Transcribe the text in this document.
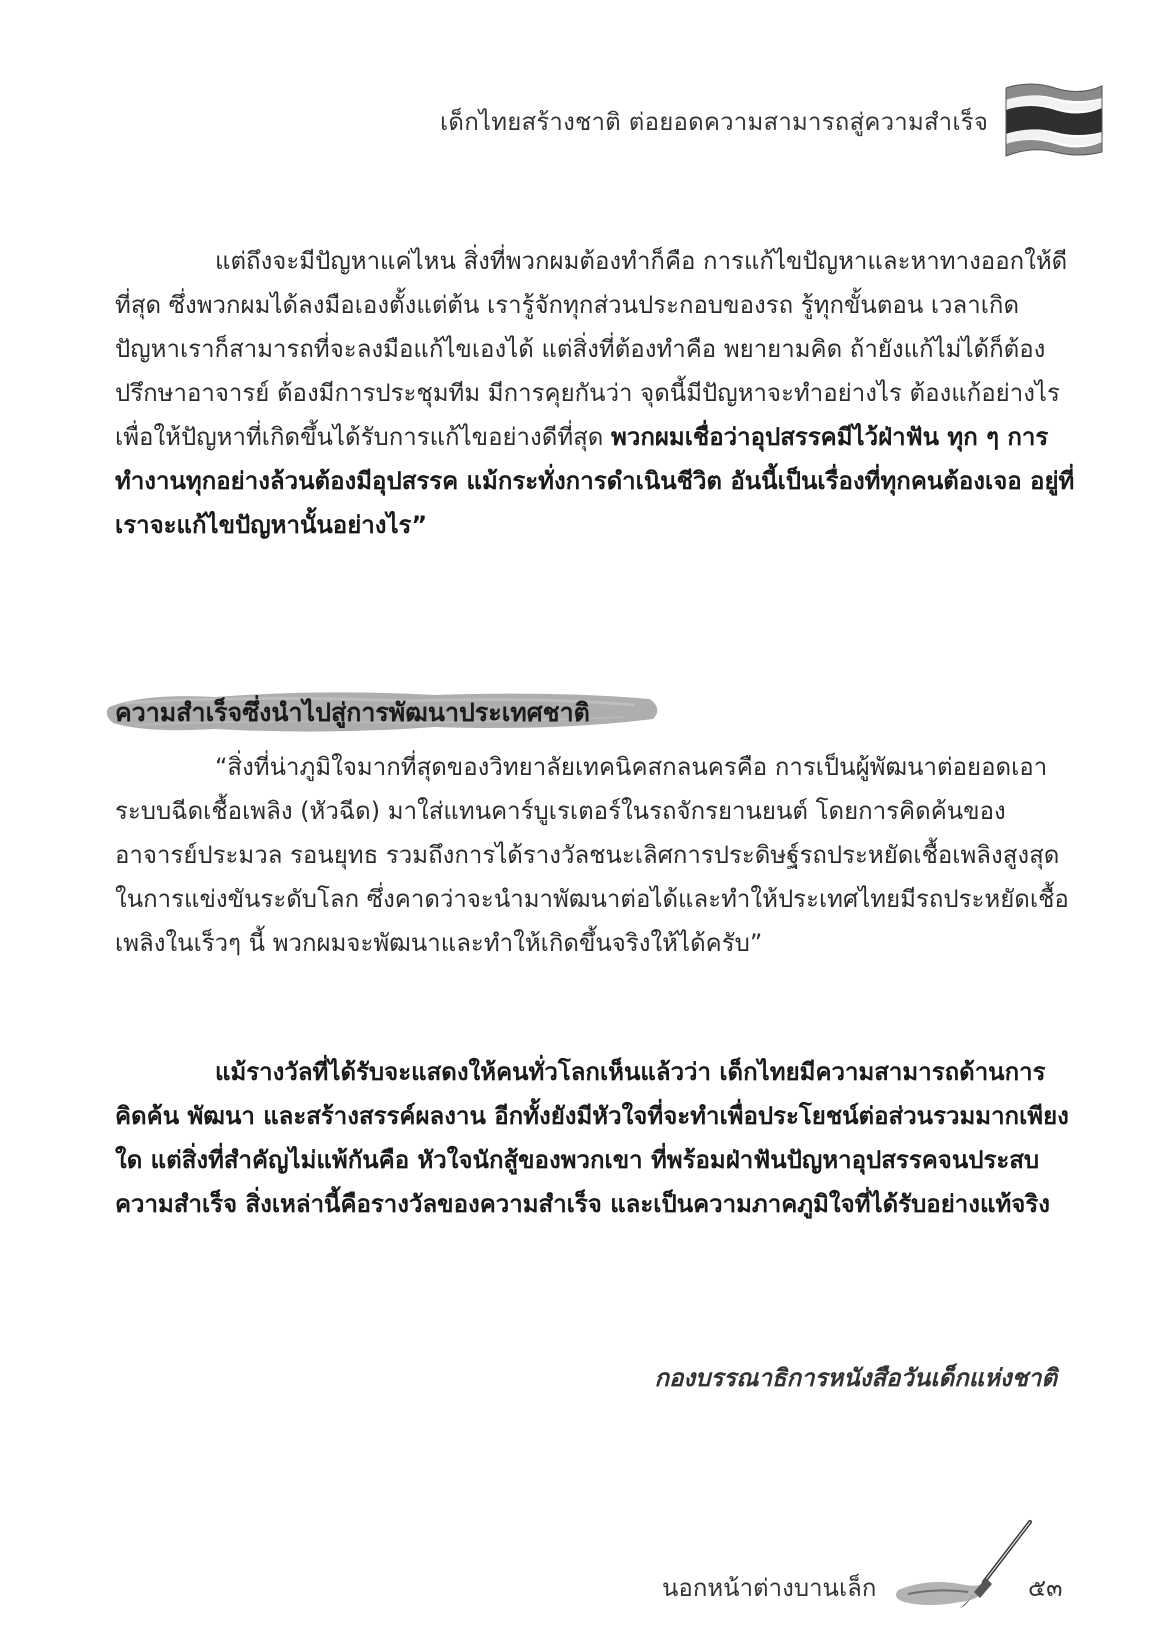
เด็กไทยสร้างชาติ ต่อยอดความสามารถสู่ความสำเร็จ

แต่ถึงจะมีปัญหาแค่ไหน สิ่งที่พวกผมต้องทำก็คือ การแก้ไขปัญหาและหาทางออกให้ดีที่สุด ซึ่งพวกผมได้ลงมือเองตั้งแต่ต้น เรารู้จักทุกส่วนประกอบของรถ รู้ทุกขั้นตอน เวลาเกิดปัญหาเราก็สามารถที่จะลงมือแก้ไขเองได้ แต่สิ่งที่ต้องทำคือ พยายามคิด ถ้ายังแก้ไม่ได้ก็ต้องปรึกษาอาจารย์ ต้องมีการประชุมทีม มีการคุยกันว่า จุดนี้มีปัญหาจะทำอย่างไร ต้องแก้อย่างไร เพื่อให้ปัญหาที่เกิดขึ้นได้รับการแก้ไขอย่างดีที่สุด พวกผมเชื่อว่าอุปสรรคมีไว้ฝ่าฟัน ทุก ๆ การทำงานทุกอย่างล้วนต้องมีอุปสรรค แม้กระทั่งการดำเนินชีวิต อันนี้เป็นเรื่องที่ทุกคนต้องเจอ อยู่ที่เราจะแก้ไขปัญหานั้นอย่างไร”

ความสำเร็จซึ่งนำไปสู่การพัฒนาประเทศชาติ

“สิ่งที่น่าภูมิใจมากที่สุดของวิทยาลัยเทคนิคสกลนครคือ การเป็นผู้พัฒนาต่อยอดเอาระบบฉีดเชื้อเพลิง (หัวฉีด) มาใส่แทนคาร์บูเรเตอร์ในรถจักรยานยนต์ โดยการคิดค้นของอาจารย์ประมวล รอนยุทธ รวมถึงการได้รางวัลชนะเลิศการประดิษฐ์รถประหยัดเชื้อเพลิงสูงสุดในการแข่งขันระดับโลก ซึ่งคาดว่าจะนำมาพัฒนาต่อได้และทำให้ประเทศไทยมีรถประหยัดเชื้อเพลิงในเร็วๆ นี้ พวกผมจะพัฒนาและทำให้เกิดขึ้นจริงให้ได้ครับ”

แม้รางวัลที่ได้รับจะแสดงให้คนทั่วโลกเห็นแล้วว่า เด็กไทยมีความสามารถด้านการคิดค้น พัฒนา และสร้างสรรค์ผลงาน อีกทั้งยังมีหัวใจที่จะทำเพื่อประโยชน์ต่อส่วนรวมมากเพียงใด แต่สิ่งที่สำคัญไม่แพ้กันคือ หัวใจนักสู้ของพวกเขา ที่พร้อมฝ่าฟันปัญหาอุปสรรคจนประสบความสำเร็จ สิ่งเหล่านี้คือรางวัลของความสำเร็จ และเป็นความภาคภูมิใจที่ได้รับอย่างแท้จริง

กองบรรณาธิการหนังสือวันเด็กแห่งชาติ
นอกหน้าต่างบานเล็ก	๕๓
